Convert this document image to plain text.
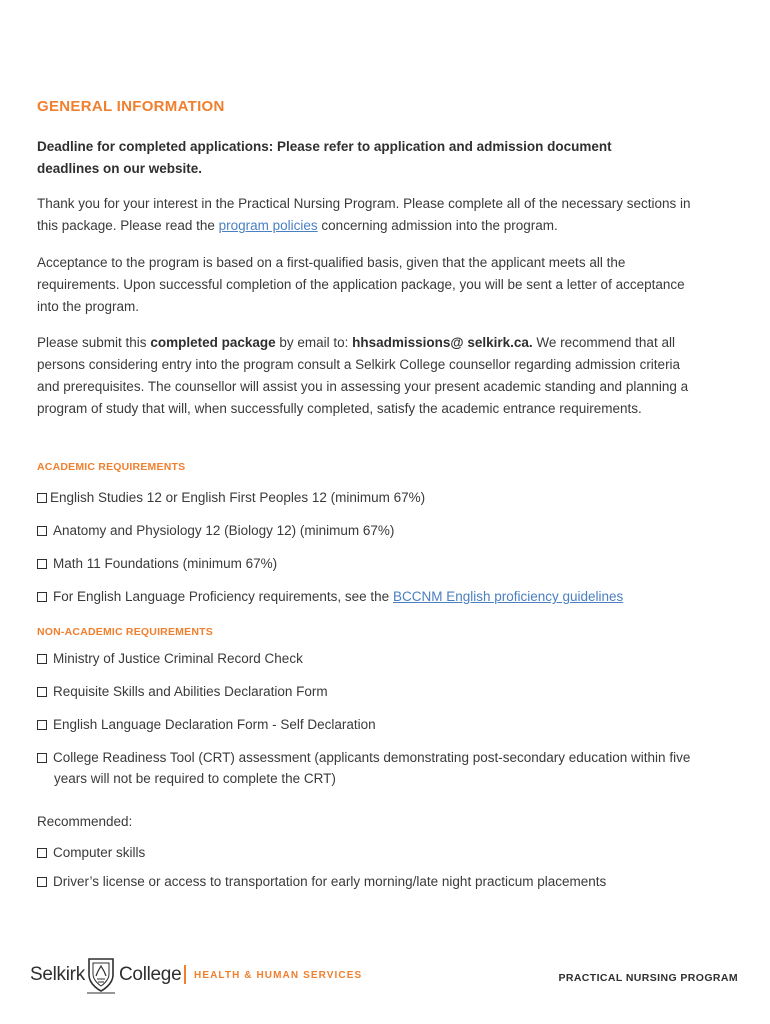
GENERAL INFORMATION
Deadline for completed applications: Please refer to application and admission document deadlines on our website.
Thank you for your interest in the Practical Nursing Program. Please complete all of the necessary sections in this package. Please read the program policies concerning admission into the program.
Acceptance to the program is based on a first-qualified basis, given that the applicant meets all the requirements. Upon successful completion of the application package, you will be sent a letter of acceptance into the program.
Please submit this completed package by email to: hhsadmissions@ selkirk.ca. We recommend that all persons considering entry into the program consult a Selkirk College counsellor regarding admission criteria and prerequisites. The counsellor will assist you in assessing your present academic standing and planning a program of study that will, when successfully completed, satisfy the academic entrance requirements.
ACADEMIC REQUIREMENTS
English Studies 12 or English First Peoples 12 (minimum 67%)
Anatomy and Physiology 12 (Biology 12) (minimum 67%)
Math 11 Foundations (minimum 67%)
For English Language Proficiency requirements, see the BCCNM English proficiency guidelines
NON-ACADEMIC REQUIREMENTS
Ministry of Justice Criminal Record Check
Requisite Skills and Abilities Declaration Form
English Language Declaration Form - Self Declaration
College Readiness Tool (CRT) assessment (applicants demonstrating post-secondary education within five years will not be required to complete the CRT)
Recommended:
Computer skills
Driver’s license or access to transportation for early morning/late night practicum placements
Selkirk College HEALTH & HUMAN SERVICES	PRACTICAL NURSING PROGRAM
